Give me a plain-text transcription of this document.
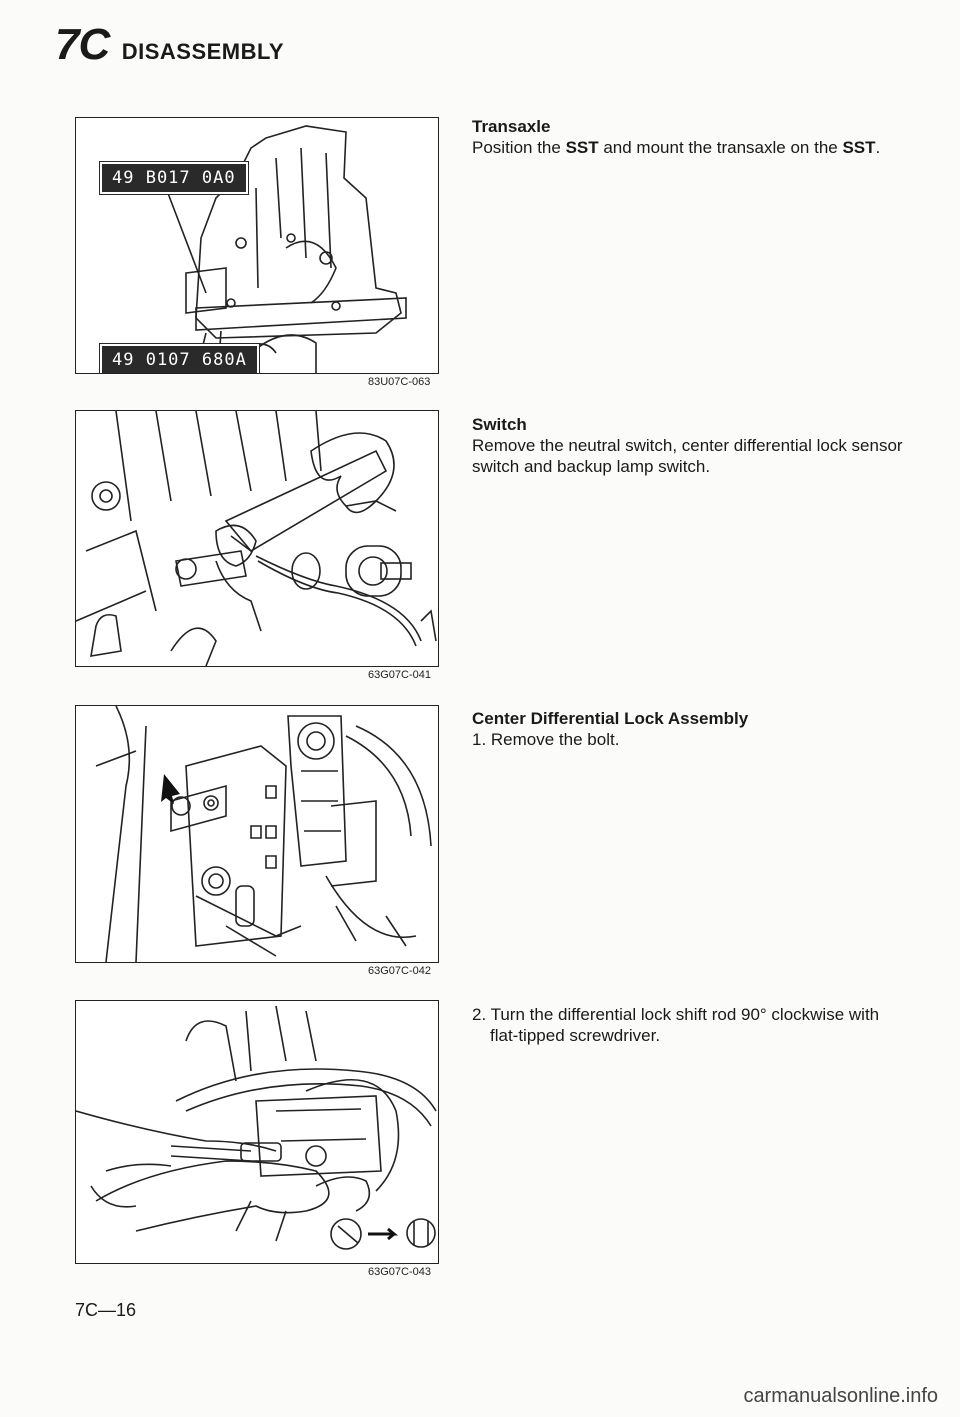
7C DISASSEMBLY
49 B017 0A0
49 0107 680A
83U07C-063
63G07C-041
63G07C-042
63G07C-043
Transaxle

Position the SST and mount the transaxle on the SST.

Switch

Remove the neutral switch, center differential lock sensor switch and backup lamp switch.

Center Differential Lock Assembly

1. Remove the bolt.

2. Turn the differential lock shift rod 90° clockwise with flat-tipped screwdriver.

7C—16
carmanualsonline.info
